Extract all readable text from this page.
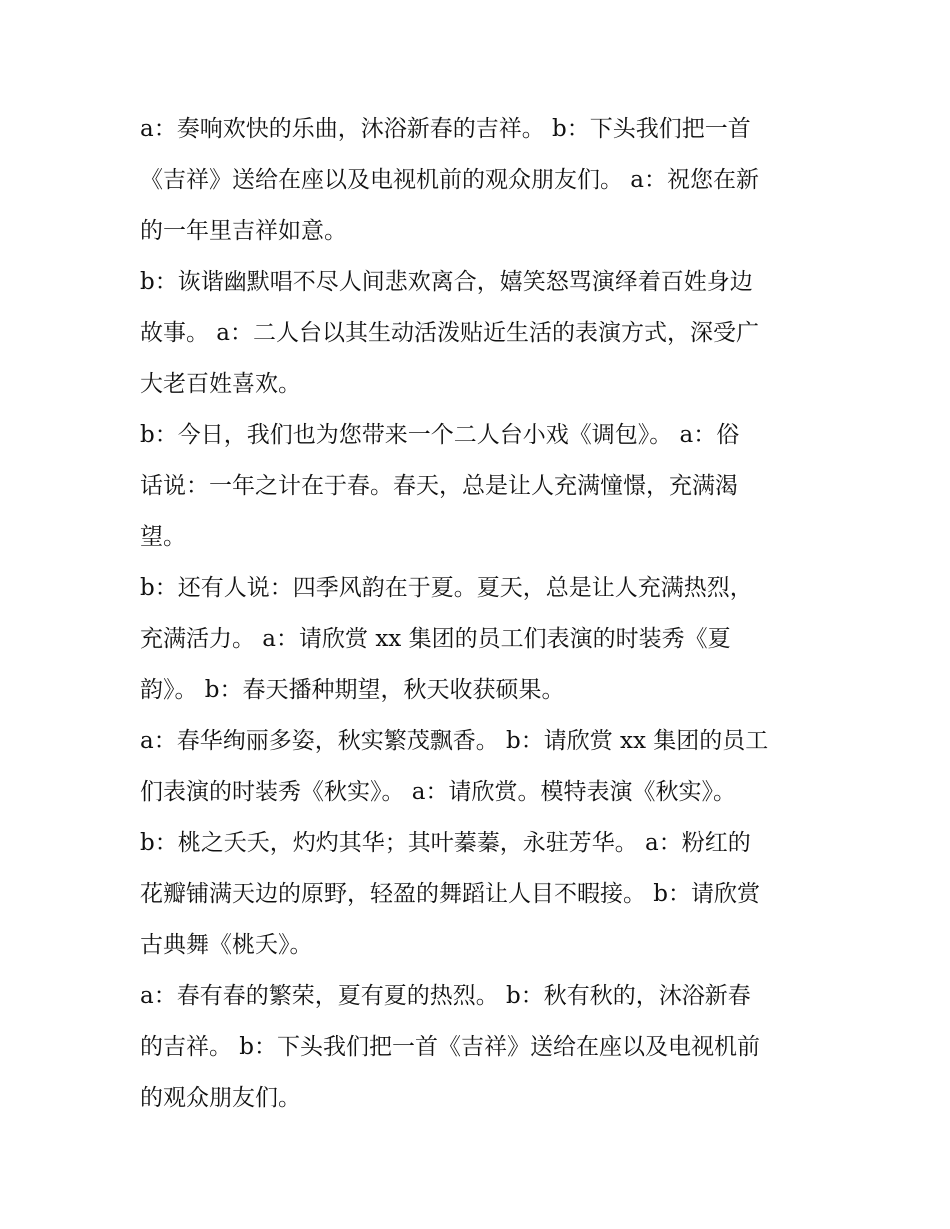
a：奏响欢快的乐曲，沐浴新春的吉祥。 b：下头我们把一首
《吉祥》送给在座以及电视机前的观众朋友们。 a：祝您在新
的一年里吉祥如意。
b：诙谐幽默唱不尽人间悲欢离合，嬉笑怒骂演绎着百姓身边
故事。 a：二人台以其生动活泼贴近生活的表演方式，深受广
大老百姓喜欢。
b：今日，我们也为您带来一个二人台小戏《调包》。 a：俗
话说：一年之计在于春。春天，总是让人充满憧憬，充满渴
望。
b：还有人说：四季风韵在于夏。夏天，总是让人充满热烈，
充满活力。 a：请欣赏 xx 集团的员工们表演的时装秀《夏
韵》。 b：春天播种期望，秋天收获硕果。
a：春华绚丽多姿，秋实繁茂飘香。 b：请欣赏 xx 集团的员工
们表演的时装秀《秋实》。 a：请欣赏。模特表演《秋实》。
b：桃之夭夭，灼灼其华；其叶蓁蓁，永驻芳华。 a：粉红的
花瓣铺满天边的原野，轻盈的舞蹈让人目不暇接。 b：请欣赏
古典舞《桃夭》。
a：春有春的繁荣，夏有夏的热烈。 b：秋有秋的，沐浴新春
的吉祥。 b：下头我们把一首《吉祥》送给在座以及电视机前
的观众朋友们。
